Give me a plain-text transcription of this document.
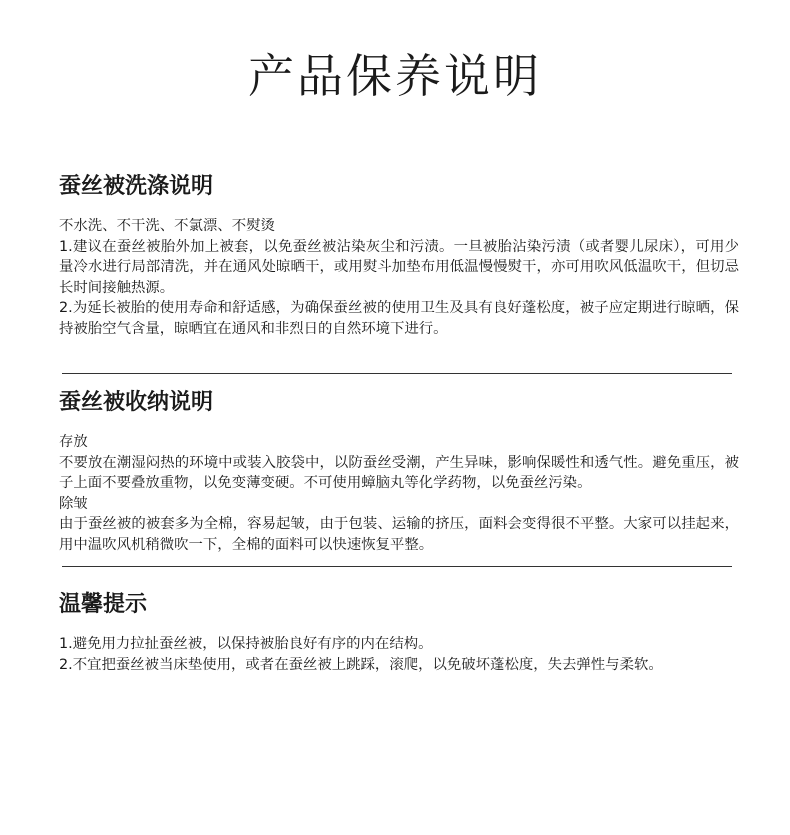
产品保养说明
蚕丝被洗涤说明

不水洗、不干洗、不氯漂、不熨烫

1.建议在蚕丝被胎外加上被套，以免蚕丝被沾染灰尘和污渍。一旦被胎沾染污渍（或者婴儿尿床），可用少量冷水进行局部清洗，并在通风处晾晒干，或用熨斗加垫布用低温慢慢熨干，亦可用吹风低温吹干，但切忌长时间接触热源。

2.为延长被胎的使用寿命和舒适感，为确保蚕丝被的使用卫生及具有良好蓬松度，被子应定期进行晾晒，保持被胎空气含量，晾晒宜在通风和非烈日的自然环境下进行。

蚕丝被收纳说明

存放

不要放在潮湿闷热的环境中或装入胶袋中，以防蚕丝受潮，产生异味，影响保暖性和透气性。避免重压，被子上面不要叠放重物，以免变薄变硬。不可使用蟑脑丸等化学药物，以免蚕丝污染。

除皱

由于蚕丝被的被套多为全棉，容易起皱，由于包装、运输的挤压，面料会变得很不平整。大家可以挂起来，用中温吹风机稍微吹一下，全棉的面料可以快速恢复平整。

温馨提示

1.避免用力拉扯蚕丝被，以保持被胎良好有序的内在结构。

2.不宜把蚕丝被当床垫使用，或者在蚕丝被上跳踩，滚爬，以免破坏蓬松度，失去弹性与柔软。
